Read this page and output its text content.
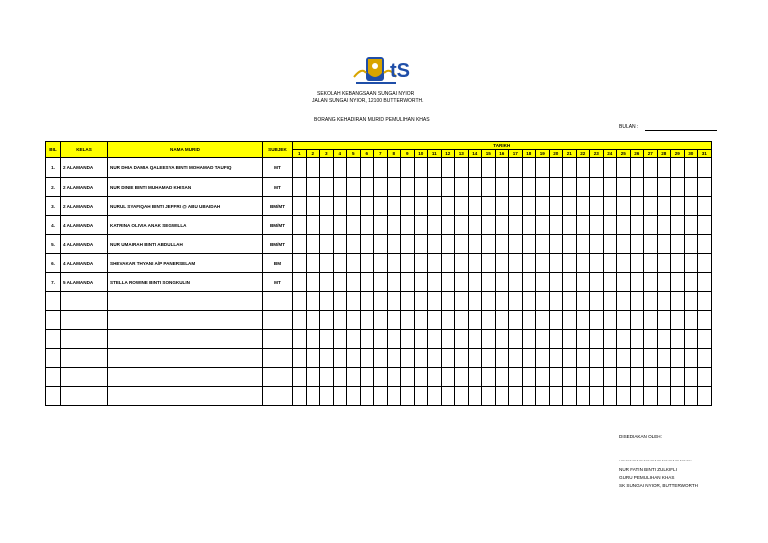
tS
SEKOLAH KEBANGSAAN SUNGAI NYIOR
JALAN SUNGAI NYIOR, 12100 BUTTERWORTH.
BORANG KEHADIRAN MURID PEMULIHAN KHAS
BULAN :
BIL	KELAS	NAMA MURID	SUBJEK	TARIKH																														
				1	2	3	4	5	6	7	8	9	10	11	12	13	14	15	16	17	18	19	20	21	22	23	24	25	26	27	28	29	30	31
1.	2 ALAMANDA	NUR DHIA DAMIA QALEESYA BINTI MOHAMAD TAUFIQ	MT																															
2.	2 ALAMANDA	NUR DINIE BINTI MUHAMAD KHISAN	MT																															
3.	2 ALAMANDA	NURUL SYAFIQAH BINTI JEFFRI @ ABU UBAIDAH	BM/MT																															
4.	4 ALAMANDA	KATRINA OLIVIA ANAK SEGWILLA	BM/MT																															
5.	4 ALAMANDA	NUR UMAIRAH BINTI ABDULLAH	BM/MT																															
6.	4 ALAMANDA	SHEVAKAR THYANI A/P PANERSELAM	BM																															
7.	5 ALAMANDA	STELLA ROWINE BINTI SONGKULIN	MT																															

DISEDIAKAN OLEH:
……………………………………………………
NUR FATIN BINTI ZULKIFLI
GURU PEMULIHAN KHAS
SK SUNGAI NYIOR, BUTTERWORTH
